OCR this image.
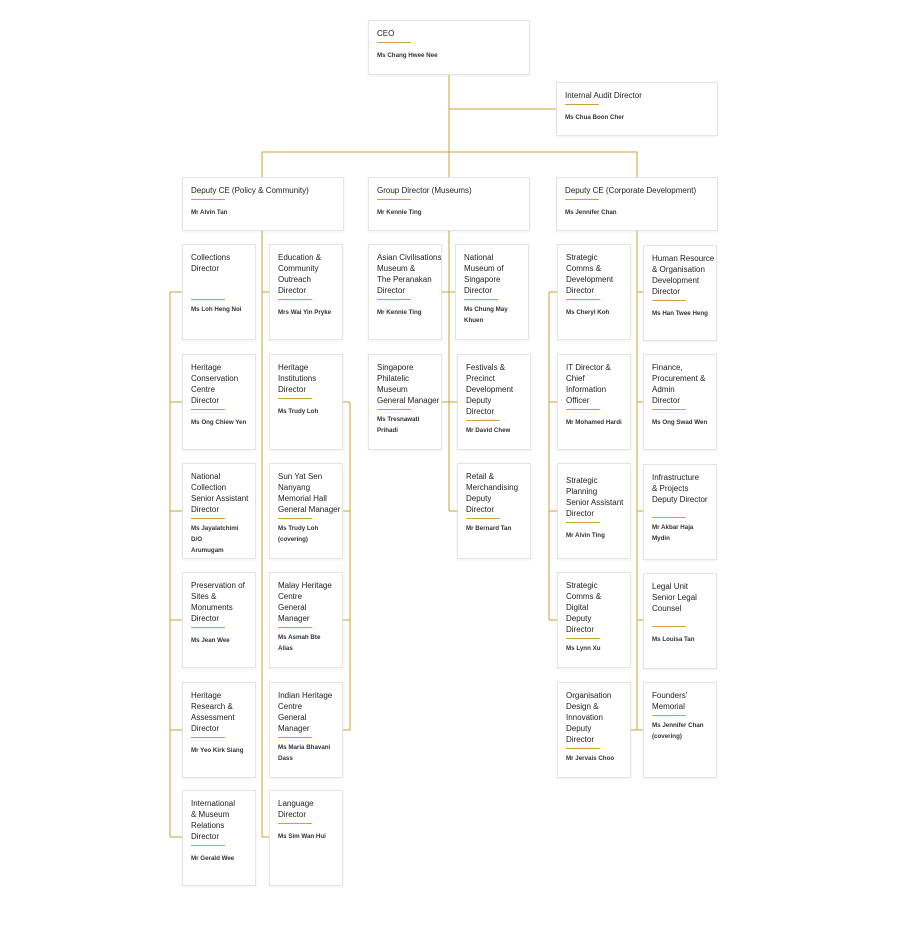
CEO
Ms Chang Hwee Nee
Internal Audit Director
Ms Chua Boon Cher
Deputy CE (Policy & Community)
Mr Alvin Tan
Group Director (Museums)
Mr Kennie Ting
Deputy CE (Corporate Development)
Ms Jennifer Chan
Collections
Director
Ms Loh Heng Noi
Heritage
Conservation
Centre
Director
Ms Ong Chiew Yen
National
Collection
Senior Assistant
Director
Ms Jayalatchimi D/O
Arumugam
Preservation of
Sites &
Monuments
Director
Ms Jean Wee
Heritage
Research &
Assessment
Director
Mr Yeo Kirk Siang
International
& Museum
Relations
Director
Mr Gerald Wee
Education &
Community
Outreach
Director
Mrs Wai Yin Pryke
Heritage
Institutions
Director
Ms Trudy Loh
Sun Yat Sen
Nanyang
Memorial Hall
General Manager
Ms Trudy Loh
(covering)
Malay Heritage
Centre
General
Manager
Ms Asmah Bte
Alias
Indian Heritage
Centre
General
Manager
Ms Maria Bhavani
Dass
Language
Director
Ms Sim Wan Hui
Asian Civilisations
Museum &
The Peranakan
Director
Mr Kennie Ting
Singapore
Philatelic
Museum
General Manager
Ms Tresnawati
Prihadi
National
Museum of
Singapore
Director
Ms Chung May
Khuen
Festivals &
Precinct
Development
Deputy
Director
Mr David Chew
Retail &
Merchandising
Deputy
Director
Mr Bernard Tan
Strategic
Comms &
Development
Director
Ms Cheryl Koh
IT Director &
Chief
Information
Officer
Mr Mohamed Hardi
Strategic
Planning
Senior Assistant
Director
Mr Alvin Ting
Strategic
Comms &
Digital
Deputy
Director
Ms Lynn Xu
Organisation
Design &
Innovation
Deputy
Director
Mr Jervais Choo
Human Resource
& Organisation
Development
Director
Ms Han Twee Heng
Finance,
Procurement &
Admin
Director
Ms Ong Swad Wen
Infrastructure
& Projects
Deputy Director
Mr Akbar Haja
Mydin
Legal Unit
Senior Legal
Counsel
Ms Louisa Tan
Founders'
Memorial
Ms Jennifer Chan
(covering)
